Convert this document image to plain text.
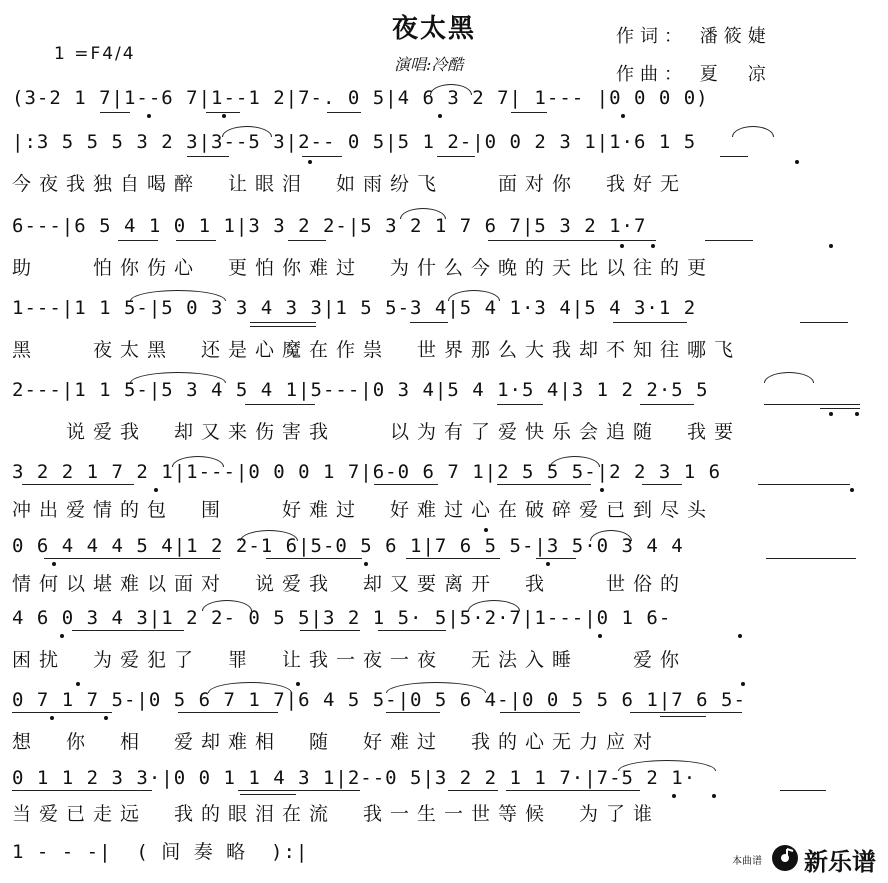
夜太黑
演唱:冷酷
作词： 潘筱婕
作曲： 夏　凉
1 =F4/4
(3-2 1 7|1--6 7|1--1 2|7-. 0 5|4 6 3 2 7| 1--- |0 0 0 0)
|:3 5 5 5 3 2 3|3--5 3|2-- 0 5|5 1 2-|0 0 2 3 1|1·6 1 5
今夜我独自喝醉　让眼泪　如雨纷飞　　面对你　我好无
6---|6 5 4 1 0 1 1|3 3 2 2-|5 3 2 1 7 6 7|5 3 2 1·7
助　　怕你伤心　更怕你难过　为什么今晚的天比以往的更
1---|1 1 5-|5 0 3 3 4 3 3|1 5 5-3 4|5 4 1·3 4|5 4 3·1 2
黑　　夜太黑　还是心魔在作祟　世界那么大我却不知往哪飞
2---|1 1 5-|5 3 4 5 4 1|5---|0 3 4|5 4 1·5 4|3 1 2 2·5 5
　　说爱我　却又来伤害我　　以为有了爱快乐会追随　我要
3 2 2 1 7 2 1|1---|0 0 0 1 7|6-0 6 7 1|2 5 5 5-|2 2 3 1 6
冲出爱情的包　围　　好难过　好难过心在破碎爱已到尽头
0 6 4 4 4 5 4|1 2 2-1 6|5-0 5 6 1|7 6 5 5-|3 5·0 3 4 4
情何以堪难以面对　说爱我　却又要离开　我　　世俗的
4 6 0 3 4 3|1 2 2- 0 5 5|3 2 1 5· 5|5·2·7|1---|0 1 6-
困扰　为爱犯了　罪　让我一夜一夜　无法入睡　　爱你
0 7 1 7 5-|0 5 6 7 1 7|6 4 5 5-|0 5 6 4-|0 0 5 5 6 1|7 6 5-
想　你　相　爱却难相　随　好难过　我的心无力应对
0 1 1 2 3 3·|0 0 1 1 4 3 1|2--0 5|3 2 2 1 1 7·|7-5 2 1·
当爱已走远　我的眼泪在流　我一生一世等候　为了谁
1 - - -|  ( 间 奏 略  ):|	本曲谱 新乐谱
